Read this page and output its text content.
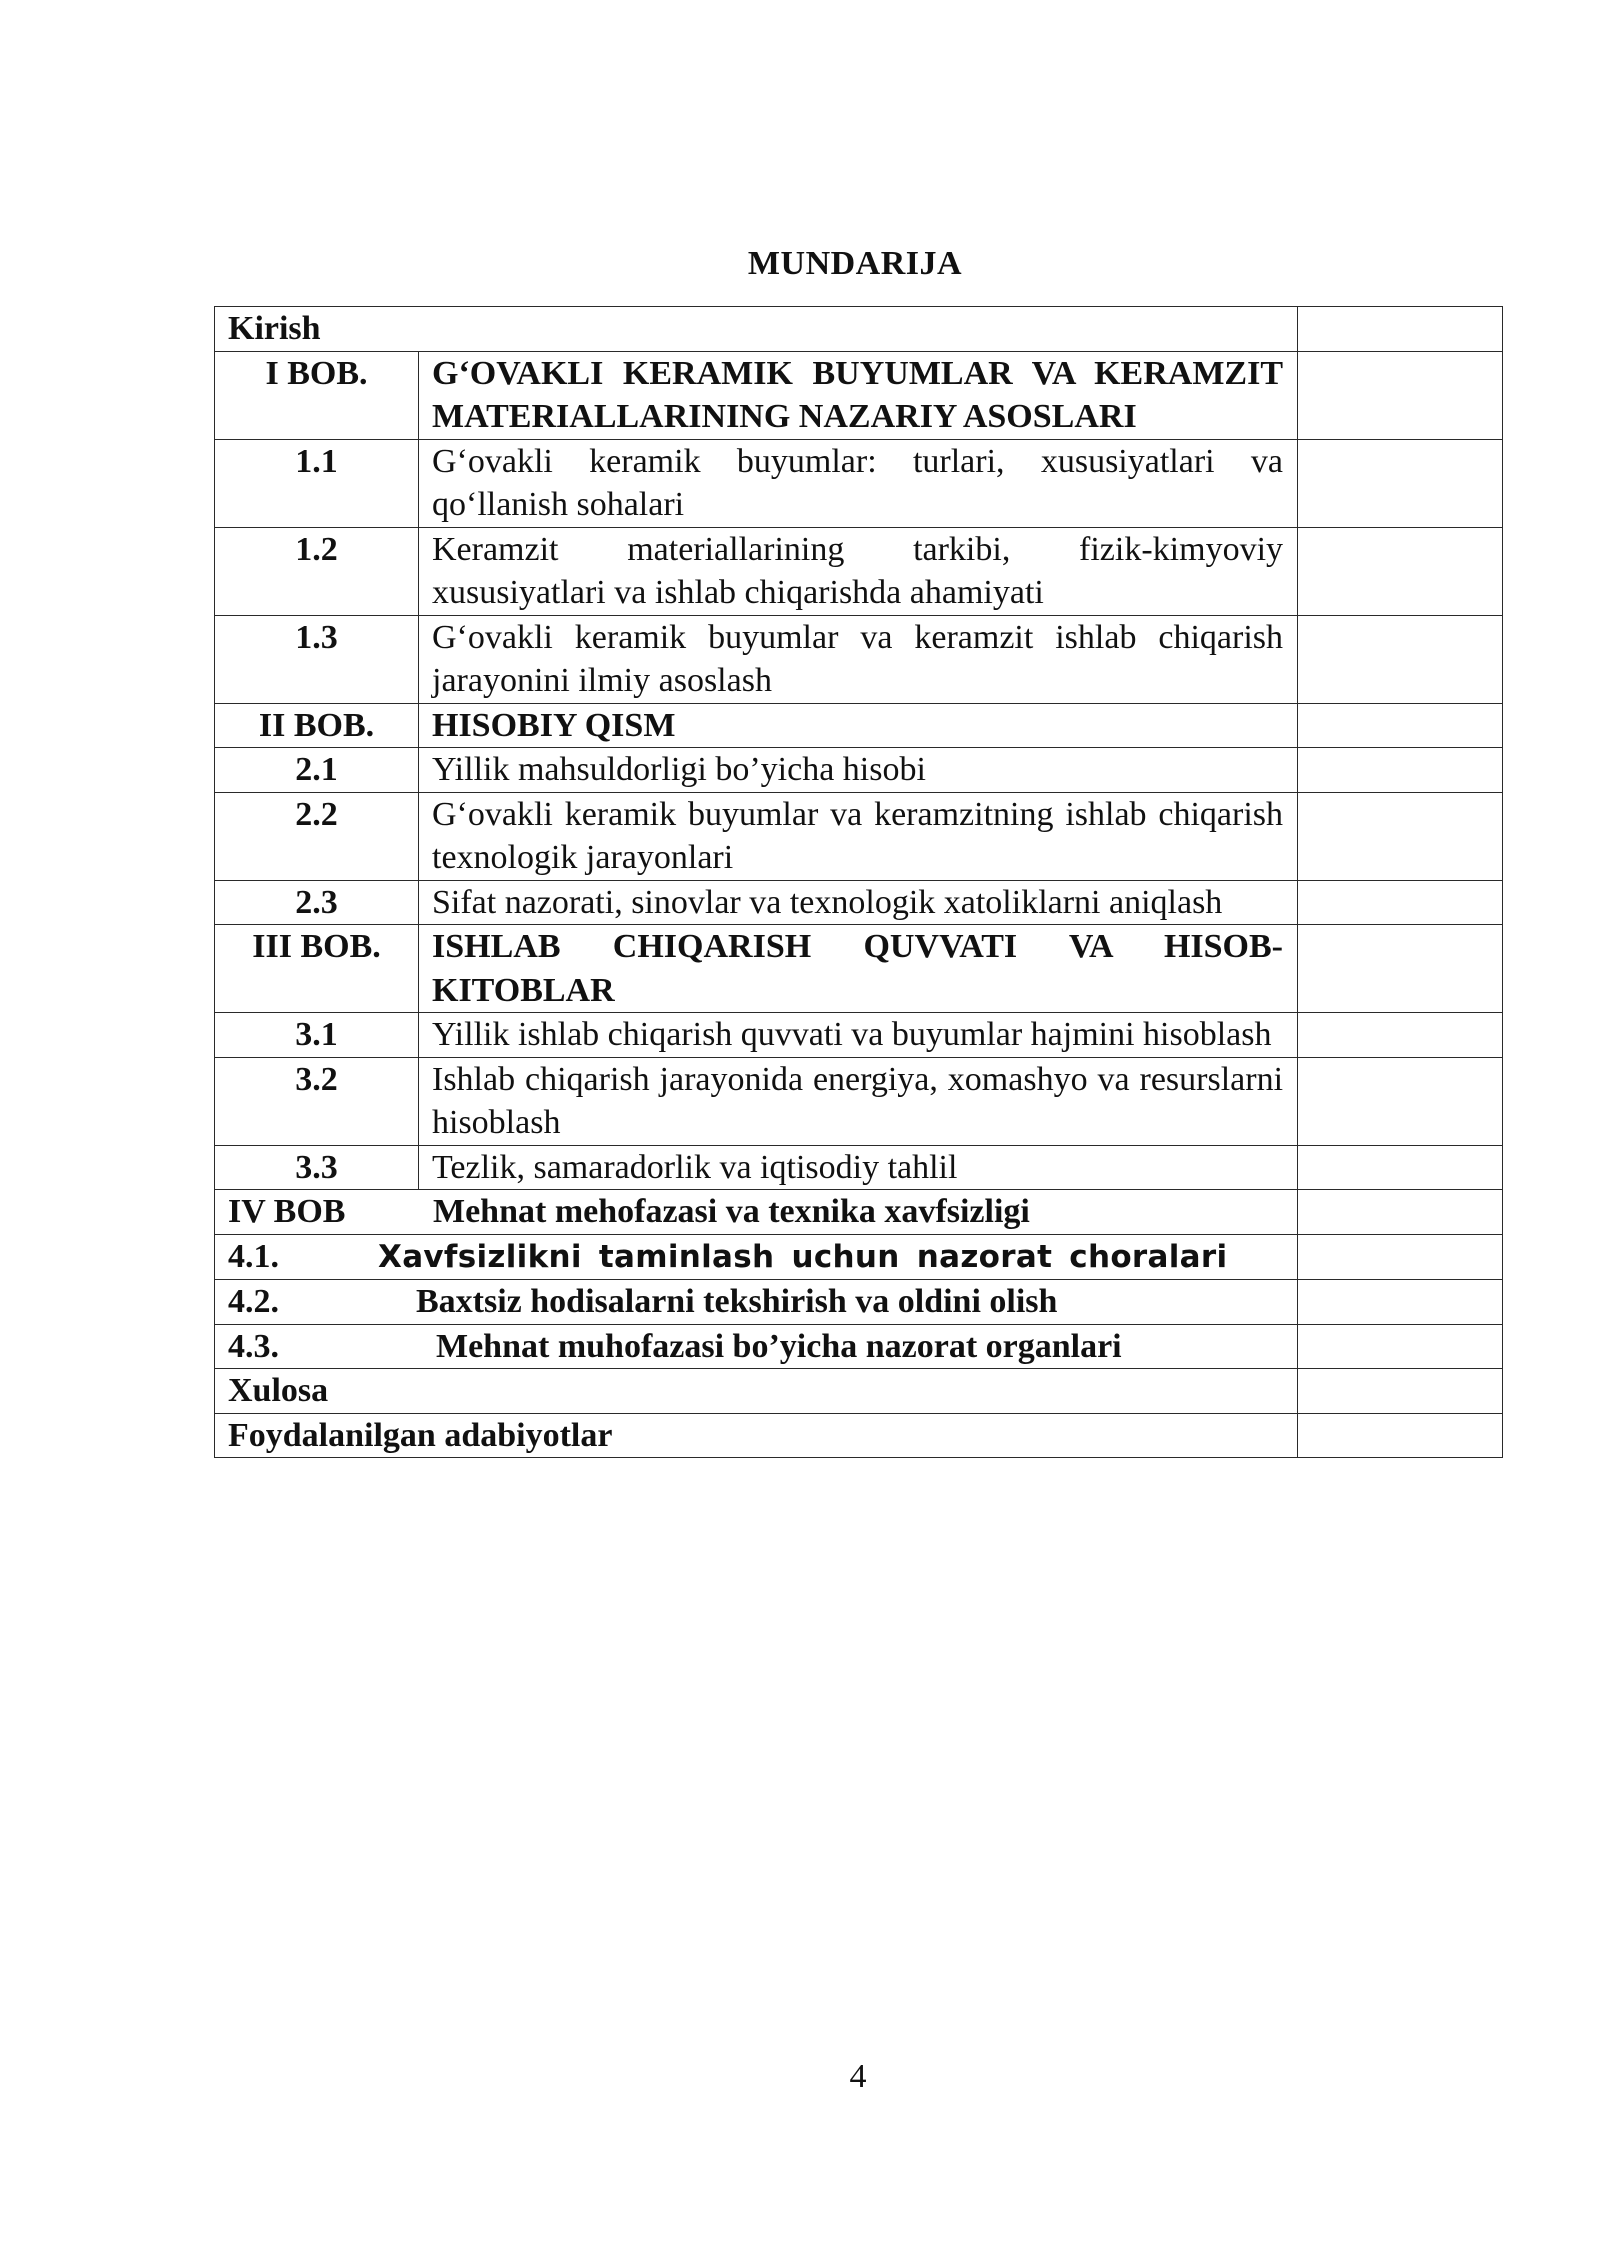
MUNDARIJA
Kirish		
I BOB.	G‘OVAKLI KERAMIK BUYUMLAR VA KERAMZIT MATERIALLARINING NAZARIY ASOSLARI	
1.1	G‘ovakli keramik buyumlar: turlari, xususiyatlari va qo‘llanish sohalari	
1.2	Keramzit materiallarining tarkibi, fizik-kimyoviy xususiyatlari va ishlab chiqarishda ahamiyati	
1.3	G‘ovakli keramik buyumlar va keramzit ishlab chiqarish jarayonini ilmiy asoslash	
II BOB.	HISOBIY QISM	
2.1	Yillik mahsuldorligi bo’yicha hisobi	
2.2	G‘ovakli keramik buyumlar va keramzitning ishlab chiqarish texnologik jarayonlari	
2.3	Sifat nazorati, sinovlar va texnologik xatoliklarni aniqlash	
III BOB.	ISHLAB CHIQARISH QUVVATI VA HISOB-KITOBLAR	
3.1	Yillik ishlab chiqarish quvvati va buyumlar hajmini hisoblash	
3.2	Ishlab chiqarish jarayonida energiya, xomashyo va resurslarni hisoblash	
3.3	Tezlik, samaradorlik va iqtisodiy tahlil	
IV BOB Mehnat mehofazasi va texnika xavfsizligi		
4.1. Xavfsizlikni taminlash uchun nazorat choralari		
4.2. Baxtsiz hodisalarni tekshirish va oldini olish		
4.3. Mehnat muhofazasi bo’yicha nazorat organlari		
Xulosa		
Foydalanilgan adabiyotlar		
4
